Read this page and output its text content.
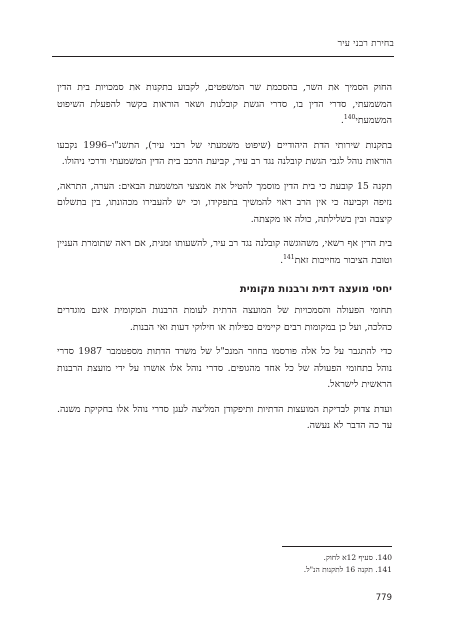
בחירת רבני עיר

החוק הסמיך את השר, בהסכמת שר המשפטים, לקבוע בתקנות את סמכויות בית הדין המשמעתי, סדרי הדין בו, סדרי הגשת קובלנות ושאר הוראות בקשר להפעלת השיפוט המשמעתי$^{140}$.

בתקנות שירותי הדת היהודיים (שיפוט משמעתי של רבני עיר), התשנ"ו–1996 נקבעו הוראות נוהל לגבי הגשת קובלנה נגד רב עיר, קביעת הרכב בית הדין המשמעתי ודרכי ניהולו.

תקנה 15 קובעת כי בית הדין מוסמך להטיל את אמצעי המשמעת הבאים: הערה, התראה, נזיפה וקביעה כי אין הרב ראוי להמשיך בתפקידו, וכי יש להעבירו מכהונתו, בין בתשלום קיצבה ובין בשלילתה, כולה או מקצתה.

בית הדין אף רשאי, משהוגשה קובלנה נגד רב עיר, להשעותו זמנית, אם ראה שתומרת העניין וטובת הציבור מחייבות זאת$^{141}$.

יחסי מועצה דתית ורבנות מקומית

תחומי הפעולה והסמכויות של המועצה הדתית לעומת הרבנות המקומית אינם מוגדרים כהלכה, ועל כן במקומות רבים קיימים כפילות או חילוקי דעות ואי הבנות.

כדי להתגבר על כל אלה פורסמו בחוזר המנכ"ל של משרד הדתות מספטמבר 1987 סדרי נוהל בתחומי הפעולה של כל אחד מהגופים. סדרי נוהל אלו אושרו על ידי מועצת הרבנות הראשית לישראל.

ועדת צדוק לבדיקת המועצות הדתיות ותיפקודן המליצה לעגן סדרי נוהל אלו בחקיקת משנה. עד כה הדבר לא נעשה.

140. סעיף 12א לחוק.

141. תקנה 16 לתקנות הנ"ל.

779
